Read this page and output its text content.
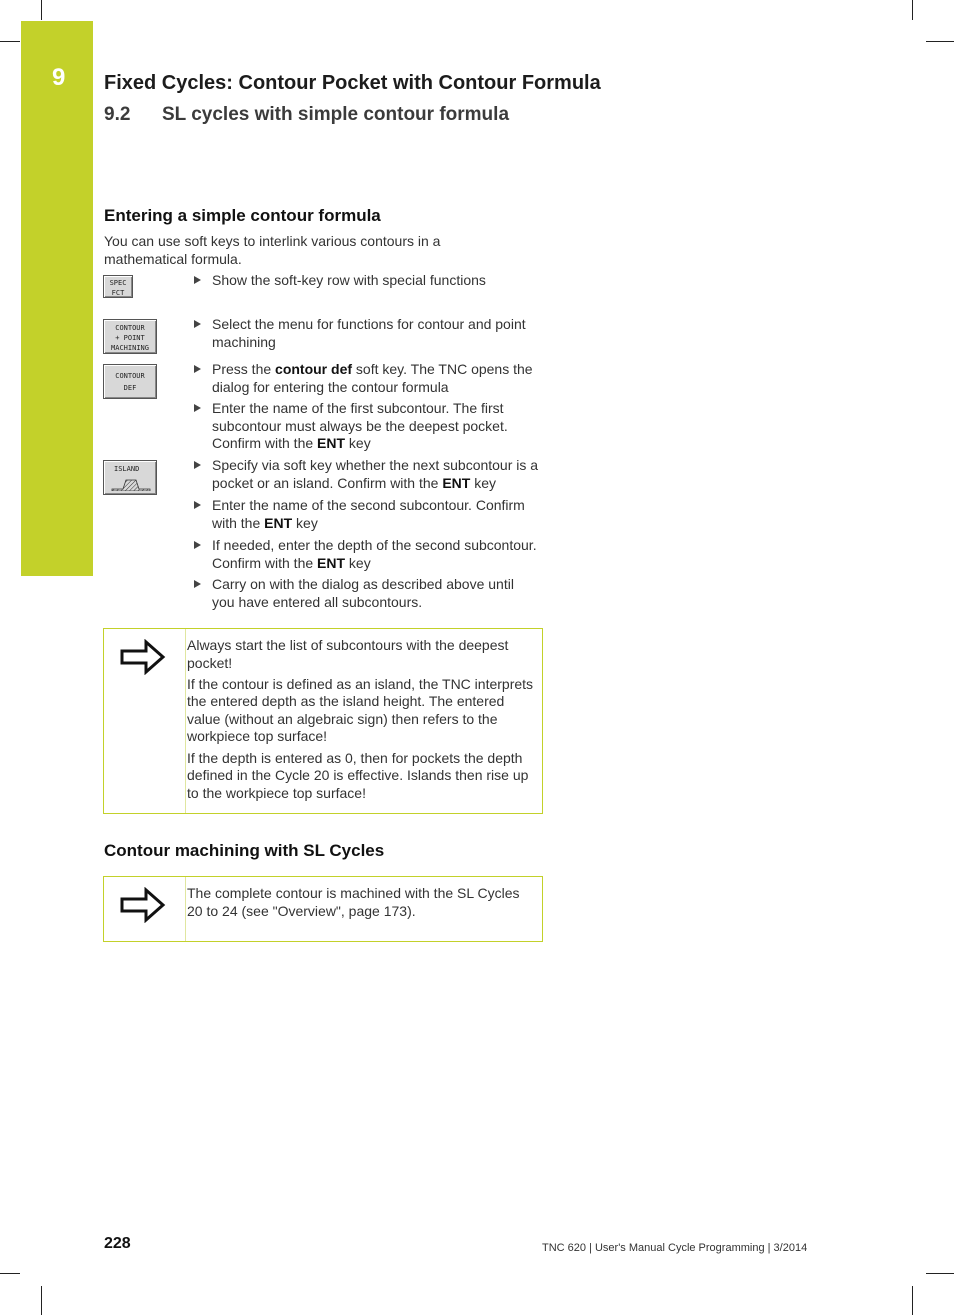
9 Fixed Cycles: Contour Pocket with Contour Formula
9.2 SL cycles with simple contour formula
Entering a simple contour formula
You can use soft keys to interlink various contours in a mathematical formula.
SPEC
FCT
CONTOUR
+ POINT
MACHINING
CONTOUR
DEF
ISLAND
Show the soft-key row with special functions
Select the menu for functions for contour and point machining
Press the contour def soft key. The TNC opens the dialog for entering the contour formula
Enter the name of the first subcontour. The first subcontour must always be the deepest pocket. Confirm with the ENT key
Specify via soft key whether the next subcontour is a pocket or an island. Confirm with the ENT key
Enter the name of the second subcontour. Confirm with the ENT key
If needed, enter the depth of the second subcontour. Confirm with the ENT key
Carry on with the dialog as described above until you have entered all subcontours.

Always start the list of subcontours with the deepest pocket!

If the contour is defined as an island, the TNC interprets the entered depth as the island height. The entered value (without an algebraic sign) then refers to the workpiece top surface!

If the depth is entered as 0, then for pockets the depth defined in the Cycle 20 is effective. Islands then rise up to the workpiece top surface!

Contour machining with SL Cycles

The complete contour is machined with the SL Cycles 20 to 24 (see "Overview", page 173).

228	TNC 620 | User's Manual Cycle Programming | 3/2014
